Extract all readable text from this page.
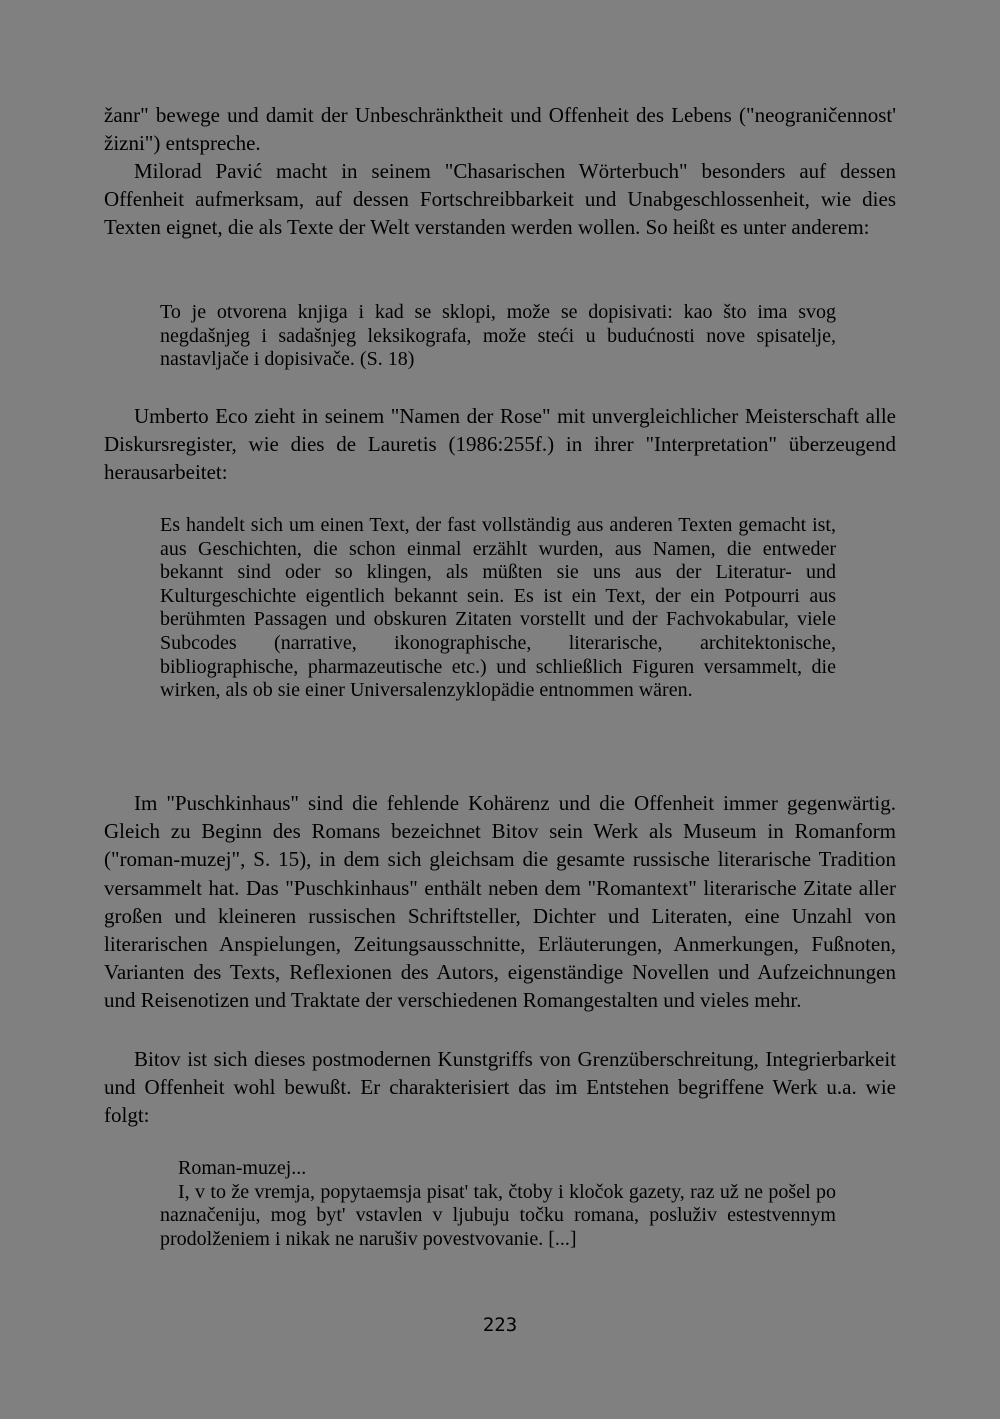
žanr" bewege und damit der Unbeschränktheit und Offenheit des Lebens ("neograničennost' žizni") entspreche.

Milorad Pavić macht in seinem "Chasarischen Wörterbuch" besonders auf dessen Offenheit aufmerksam, auf dessen Fortschreibbarkeit und Unabgeschlossenheit, wie dies Texten eignet, die als Texte der Welt verstanden werden wollen. So heißt es unter anderem:

To je otvorena knjiga i kad se sklopi, može se dopisivati: kao što ima svog negdašnjeg i sadašnjeg leksikografa, može steći u budućnosti nove spisatelje, nastavljače i dopisivače. (S. 18)

Umberto Eco zieht in seinem "Namen der Rose" mit unvergleichlicher Meisterschaft alle Diskursregister, wie dies de Lauretis (1986:255f.) in ihrer "Interpretation" überzeugend herausarbeitet:

Es handelt sich um einen Text, der fast vollständig aus anderen Texten gemacht ist, aus Geschichten, die schon einmal erzählt wurden, aus Namen, die entweder bekannt sind oder so klingen, als müßten sie uns aus der Literatur- und Kulturgeschichte eigentlich bekannt sein. Es ist ein Text, der ein Potpourri aus berühmten Passagen und obskuren Zitaten vorstellt und der Fachvokabular, viele Subcodes (narrative, ikonographische, literarische, architektonische, bibliographische, pharmazeutische etc.) und schließlich Figuren versammelt, die wirken, als ob sie einer Universalenzyklopädie entnommen wären.

Im "Puschkinhaus" sind die fehlende Kohärenz und die Offenheit immer gegenwärtig. Gleich zu Beginn des Romans bezeichnet Bitov sein Werk als Museum in Romanform ("roman-muzej", S. 15), in dem sich gleichsam die gesamte russische literarische Tradition versammelt hat. Das "Puschkinhaus" enthält neben dem "Romantext" literarische Zitate aller großen und kleineren russischen Schriftsteller, Dichter und Literaten, eine Unzahl von literarischen Anspielungen, Zeitungsausschnitte, Erläuterungen, Anmerkungen, Fußnoten, Varianten des Texts, Reflexionen des Autors, eigenständige Novellen und Aufzeichnungen und Reisenotizen und Traktate der verschiedenen Romangestalten und vieles mehr.

Bitov ist sich dieses postmodernen Kunstgriffs von Grenzüberschreitung, Integrierbarkeit und Offenheit wohl bewußt. Er charakterisiert das im Entstehen begriffene Werk u.a. wie folgt:

Roman-muzej...
I, v to že vremja, popytaemsja pisat' tak, čtoby i kločok gazety, raz už ne pošel po naznačeniju, mog byt' vstavlen v ljubuju točku romana, posluživ estestvennym prodolženiem i nikak ne narušiv povestvovanie. [...]
223
